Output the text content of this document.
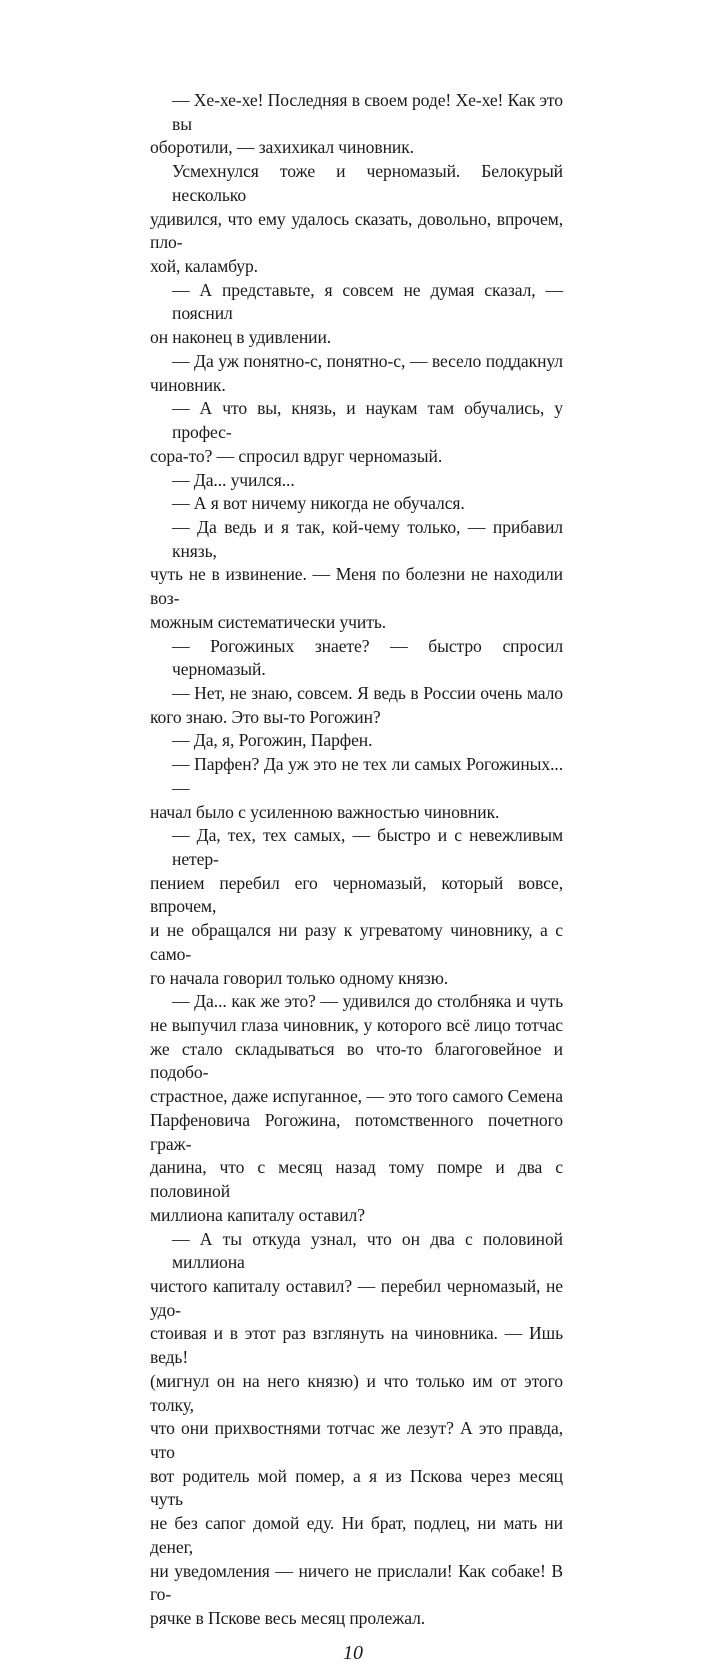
— Хе-хе-хе! Последняя в своем роде! Хе-хе! Как это вы
оборотили, — захихикал чиновник.
Усмехнулся тоже и черномазый. Белокурый несколько
удивился, что ему удалось сказать, довольно, впрочем, пло-
хой, каламбур.
— А представьте, я совсем не думая сказал, — пояснил
он наконец в удивлении.
— Да уж понятно-с, понятно-с, — весело поддакнул
чиновник.
— А что вы, князь, и наукам там обучались, у профес-
сора-то? — спросил вдруг черномазый.
— Да... учился...
— А я вот ничему никогда не обучался.
— Да ведь и я так, кой-чему только, — прибавил князь,
чуть не в извинение. — Меня по болезни не находили воз-
можным систематически учить.
— Рогожиных знаете? — быстро спросил черномазый.
— Нет, не знаю, совсем. Я ведь в России очень мало
кого знаю. Это вы-то Рогожин?
— Да, я, Рогожин, Парфен.
— Парфен? Да уж это не тех ли самых Рогожиных... —
начал было с усиленною важностью чиновник.
— Да, тех, тех самых, — быстро и с невежливым нетер-
пением перебил его черномазый, который вовсе, впрочем,
и не обращался ни разу к угреватому чиновнику, а с само-
го начала говорил только одному князю.
— Да... как же это? — удивился до столбняка и чуть
не выпучил глаза чиновник, у которого всё лицо тотчас
же стало складываться во что-то благоговейное и подобо-
страстное, даже испуганное, — это того самого Семена
Парфеновича Рогожина, потомственного почетного граж-
данина, что с месяц назад тому помре и два с половиной
миллиона капиталу оставил?
— А ты откуда узнал, что он два с половиной миллиона
чистого капиталу оставил? — перебил черномазый, не удо-
стоивая и в этот раз взглянуть на чиновника. — Ишь ведь!
(мигнул он на него князю) и что только им от этого толку,
что они прихвостнями тотчас же лезут? А это правда, что
вот родитель мой помер, а я из Пскова через месяц чуть
не без сапог домой еду. Ни брат, подлец, ни мать ни денег,
ни уведомления — ничего не прислали! Как собаке! В го-
рячке в Пскове весь месяц пролежал.
10
